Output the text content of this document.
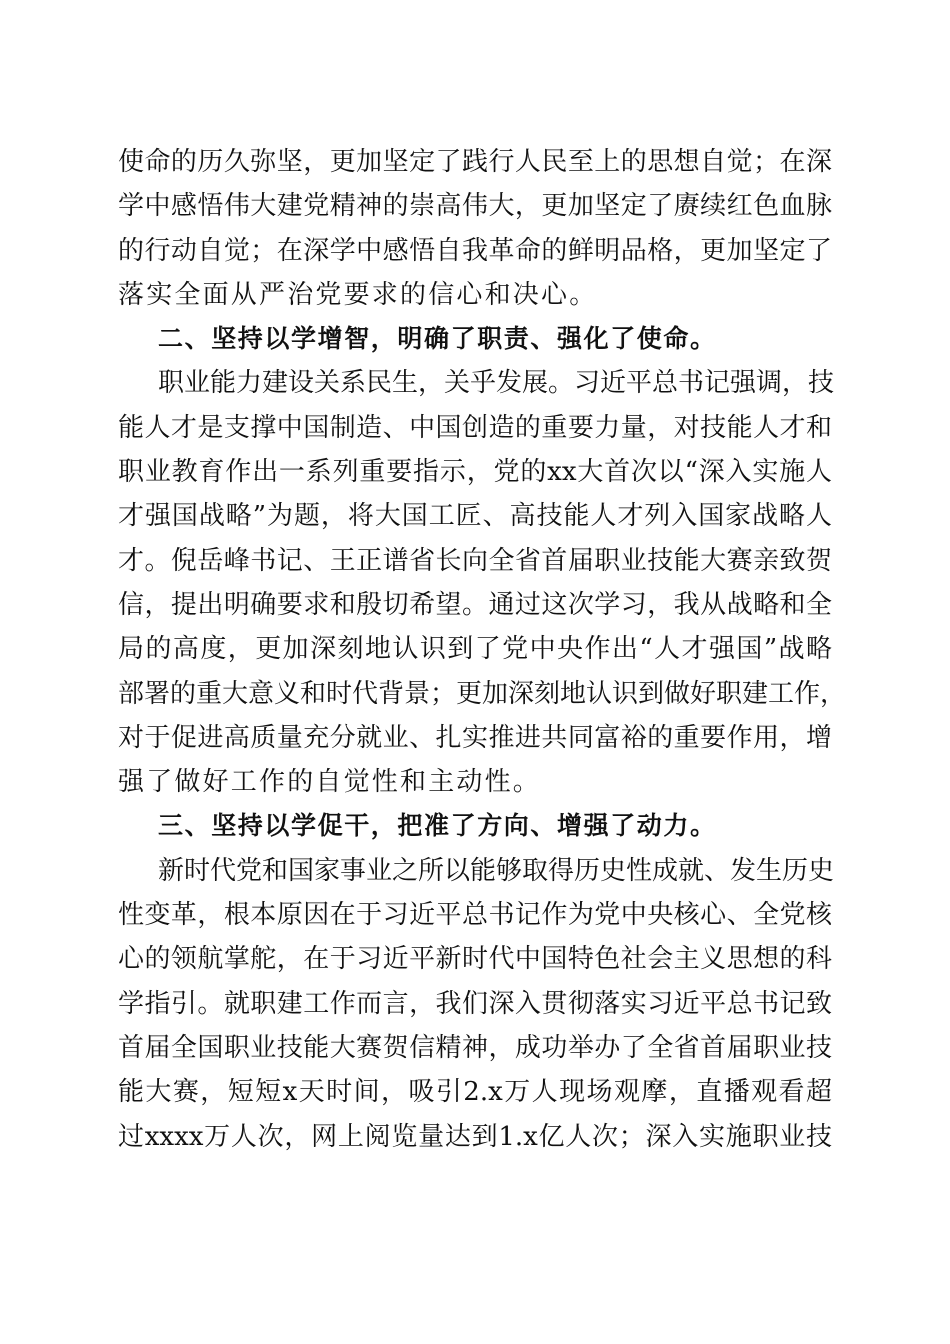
使命的历久弥坚，更加坚定了践行人民至上的思想自觉；在深
学中感悟伟大建党精神的崇高伟大，更加坚定了赓续红色血脉
的行动自觉；在深学中感悟自我革命的鲜明品格，更加坚定了
落实全面从严治党要求的信心和决心。
二、坚持以学增智，明确了职责、强化了使命。
职业能力建设关系民生，关乎发展。习近平总书记强调，技
能人才是支撑中国制造、中国创造的重要力量，对技能人才和
职业教育作出一系列重要指示，党的xx大首次以“深入实施人
才强国战略”为题，将大国工匠、高技能人才列入国家战略人
才。倪岳峰书记、王正谱省长向全省首届职业技能大赛亲致贺
信，提出明确要求和殷切希望。通过这次学习，我从战略和全
局的高度，更加深刻地认识到了党中央作出“人才强国”战略
部署的重大意义和时代背景；更加深刻地认识到做好职建工作，
对于促进高质量充分就业、扎实推进共同富裕的重要作用，增
强了做好工作的自觉性和主动性。
三、坚持以学促干，把准了方向、增强了动力。
新时代党和国家事业之所以能够取得历史性成就、发生历史
性变革，根本原因在于习近平总书记作为党中央核心、全党核
心的领航掌舵，在于习近平新时代中国特色社会主义思想的科
学指引。就职建工作而言，我们深入贯彻落实习近平总书记致
首届全国职业技能大赛贺信精神，成功举办了全省首届职业技
能大赛，短短x天时间，吸引2.x万人现场观摩，直播观看超
过xxxx万人次，网上阅览量达到1.x亿人次；深入实施职业技
